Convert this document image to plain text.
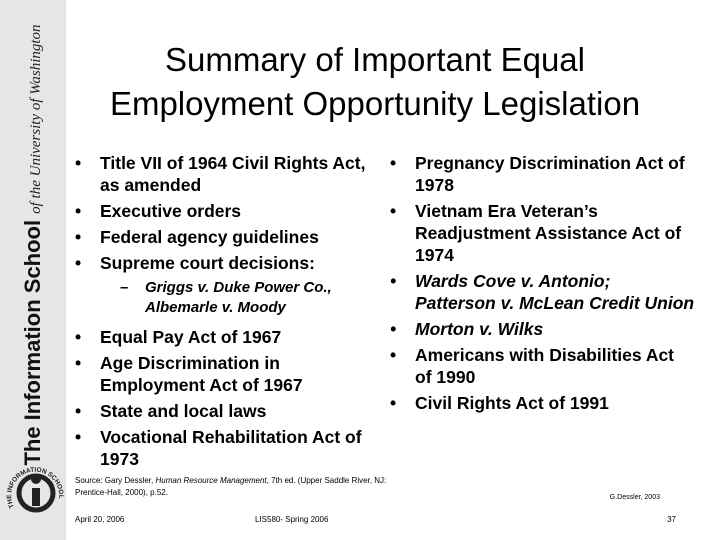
The Information Schoolof the University of Washington
THE INFORMATION SCHOOL
Summary of Important Equal
Employment Opportunity Legislation
• Title VII of 1964 Civil Rights Act, as amended
• Executive orders
• Federal agency guidelines
• Supreme court decisions:
– Griggs v. Duke Power Co., Albemarle v. Moody
• Equal Pay Act of 1967
• Age Discrimination in Employment Act of 1967
• State and local laws
• Vocational Rehabilitation Act of 1973
• Pregnancy Discrimination Act of 1978
• Vietnam Era Veteran’s Readjustment Assistance Act of 1974
• Wards Cove v. Antonio; Patterson v. McLean Credit Union
• Morton v. Wilks
• Americans with Disabilities Act of 1990
• Civil Rights Act of 1991
Source: Gary Dessler, Human Resource Management, 7th ed. (Upper Saddle River, NJ: Prentice-Hall, 2000), p.52.
G.Dessler, 2003
April 20, 2006	LIS580- Spring 2006	37
